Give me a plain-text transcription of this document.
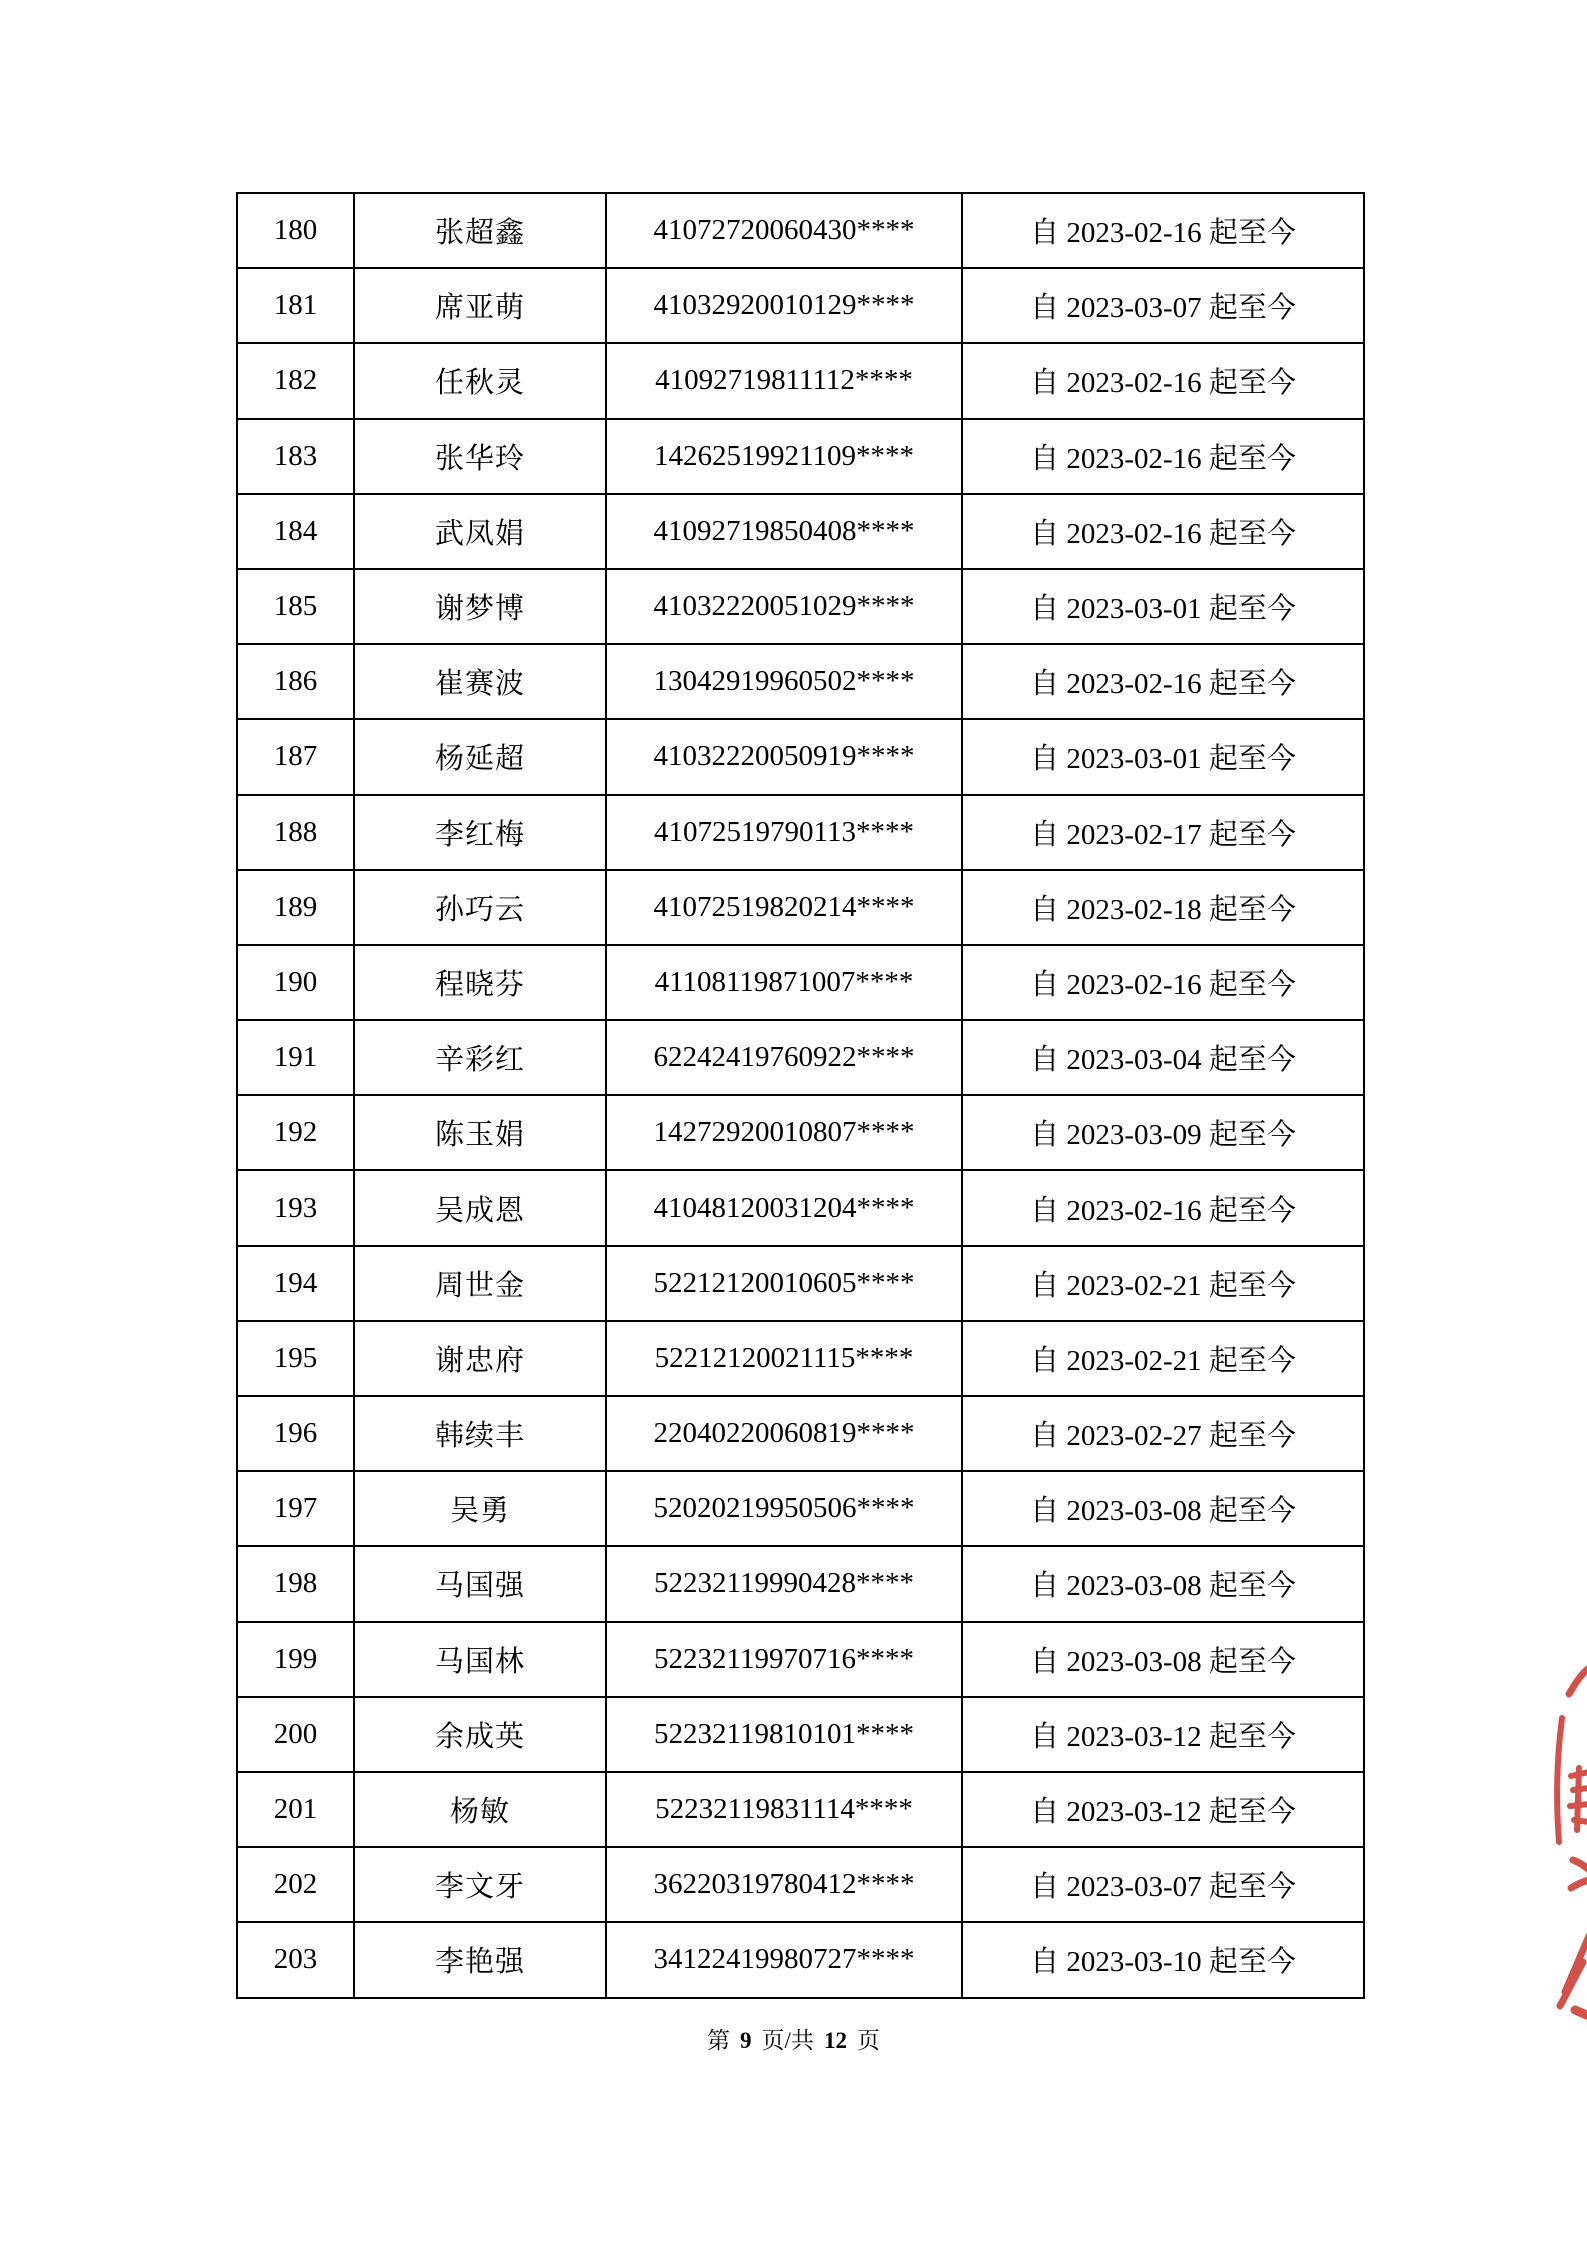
180	张超鑫	41072720060430****	自 2023-02-16 起至今
181	席亚萌	41032920010129****	自 2023-03-07 起至今
182	任秋灵	41092719811112****	自 2023-02-16 起至今
183	张华玲	14262519921109****	自 2023-02-16 起至今
184	武凤娟	41092719850408****	自 2023-02-16 起至今
185	谢梦博	41032220051029****	自 2023-03-01 起至今
186	崔赛波	13042919960502****	自 2023-02-16 起至今
187	杨延超	41032220050919****	自 2023-03-01 起至今
188	李红梅	41072519790113****	自 2023-02-17 起至今
189	孙巧云	41072519820214****	自 2023-02-18 起至今
190	程晓芬	41108119871007****	自 2023-02-16 起至今
191	辛彩红	62242419760922****	自 2023-03-04 起至今
192	陈玉娟	14272920010807****	自 2023-03-09 起至今
193	吴成恩	41048120031204****	自 2023-02-16 起至今
194	周世金	52212120010605****	自 2023-02-21 起至今
195	谢忠府	52212120021115****	自 2023-02-21 起至今
196	韩续丰	22040220060819****	自 2023-02-27 起至今
197	吴勇	52020219950506****	自 2023-03-08 起至今
198	马国强	52232119990428****	自 2023-03-08 起至今
199	马国林	52232119970716****	自 2023-03-08 起至今
200	余成英	52232119810101****	自 2023-03-12 起至今
201	杨敏	52232119831114****	自 2023-03-12 起至今
202	李文牙	36220319780412****	自 2023-03-07 起至今
203	李艳强	34122419980727****	自 2023-03-10 起至今
第 9 页/共 12 页
